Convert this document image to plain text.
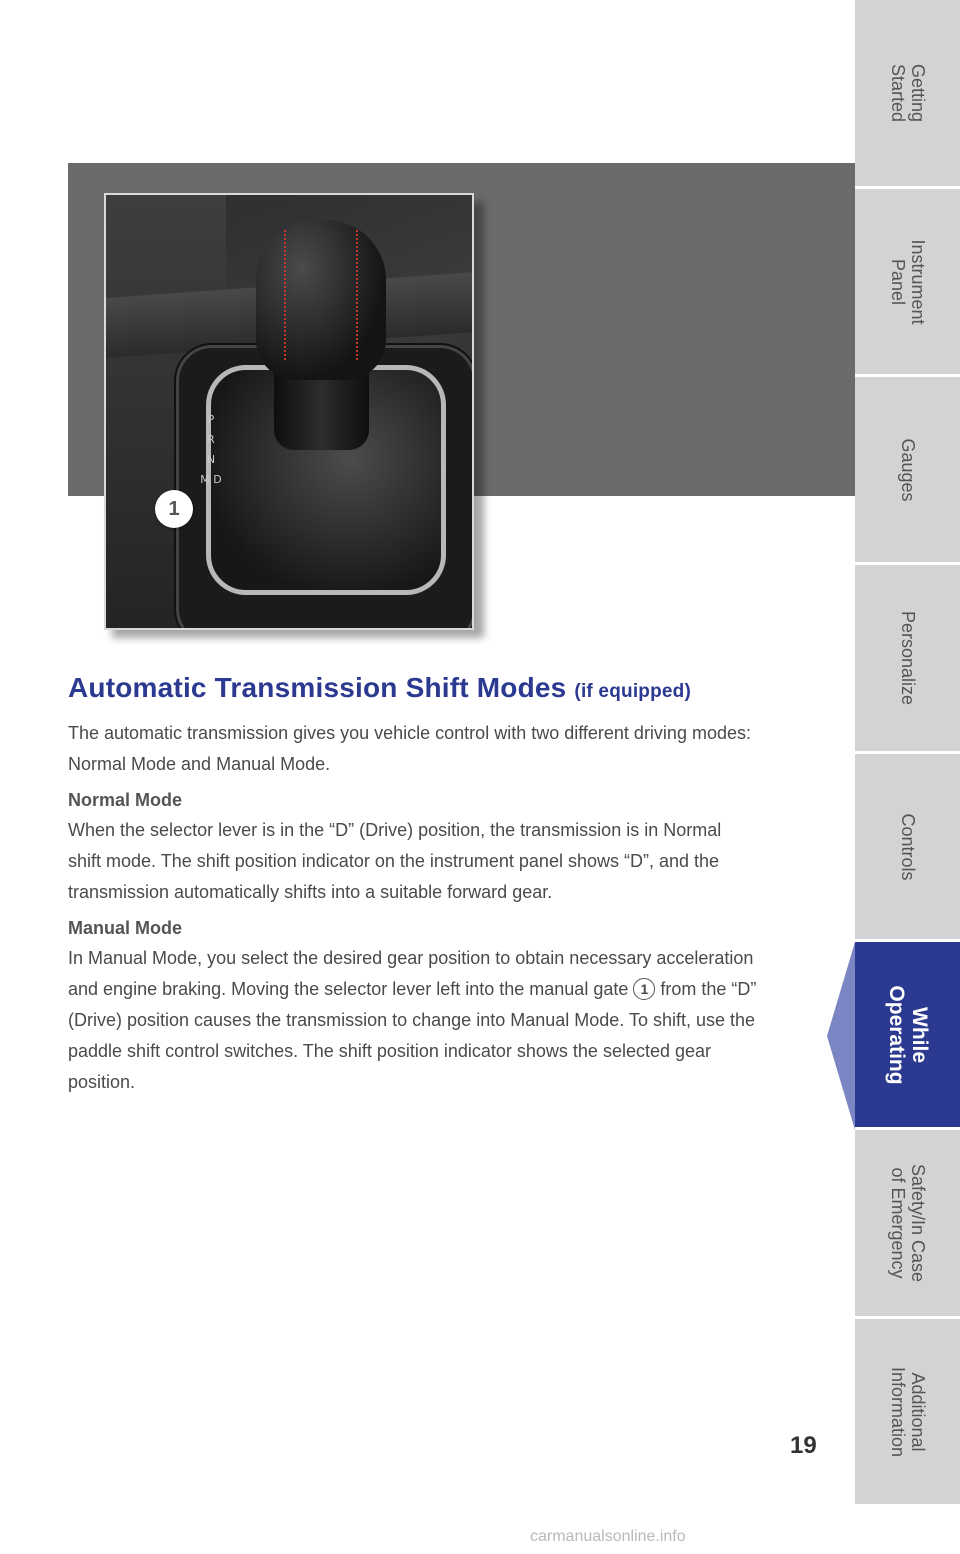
P
R
N
M D
1
Automatic Transmission Shift Modes (if equipped)

The automatic transmission gives you vehicle control with two different driving modes: Normal Mode and Manual Mode.

Normal Mode

When the selector lever is in the “D” (Drive) position, the transmission is in Normal shift mode. The shift position indicator on the instrument panel shows “D”, and the transmission automatically shifts into a suitable forward gear.

Manual Mode

In Manual Mode, you select the desired gear position to obtain necessary acceleration and engine braking. Moving the selector lever left into the manual gate 1 from the “D” (Drive) position causes the transmission to change into Manual Mode. To shift, use the paddle shift control switches. The shift position indicator shows the selected gear position.

19
Getting
Started
Instrument
Panel
Gauges
Personalize
Controls
While
Operating
Safety/In Case
of Emergency
Additional
Information
carmanualsonline.info
